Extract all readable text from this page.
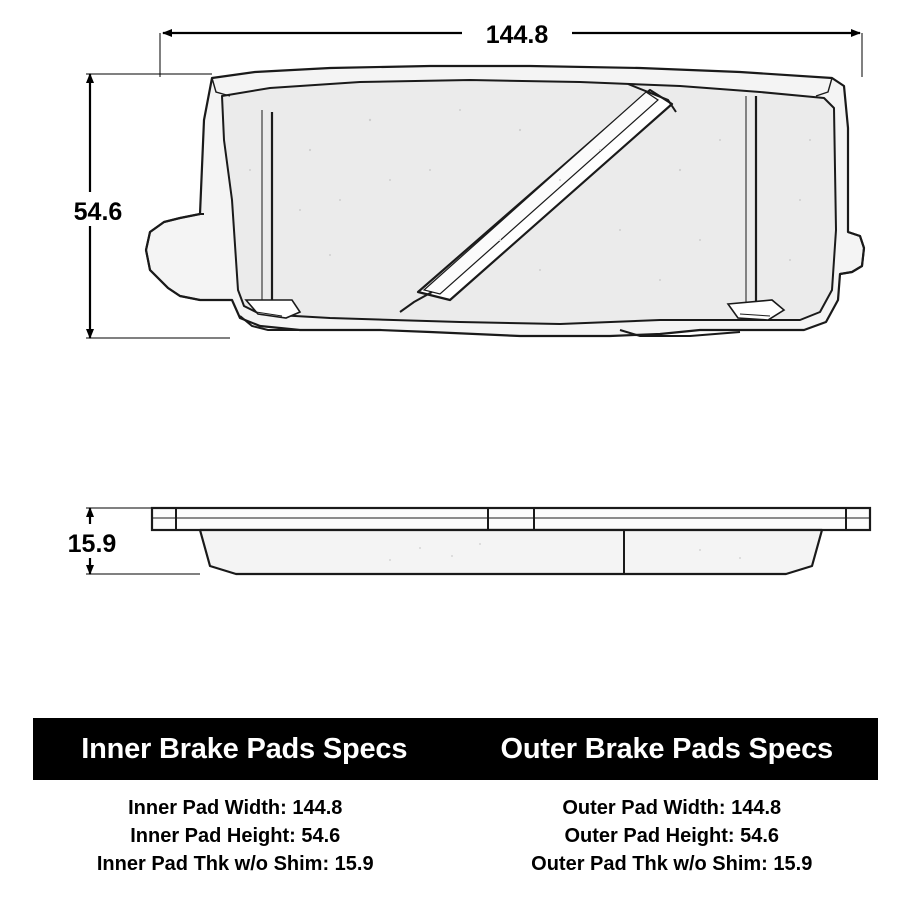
144.8
54.6
15.9
Inner Brake Pads Specs	Outer Brake Pads Specs
Inner Pad Width: 144.8
Inner Pad Height: 54.6
Inner Pad Thk w/o Shim: 15.9
Outer Pad Width: 144.8
Outer Pad Height: 54.6
Outer Pad Thk w/o Shim: 15.9
